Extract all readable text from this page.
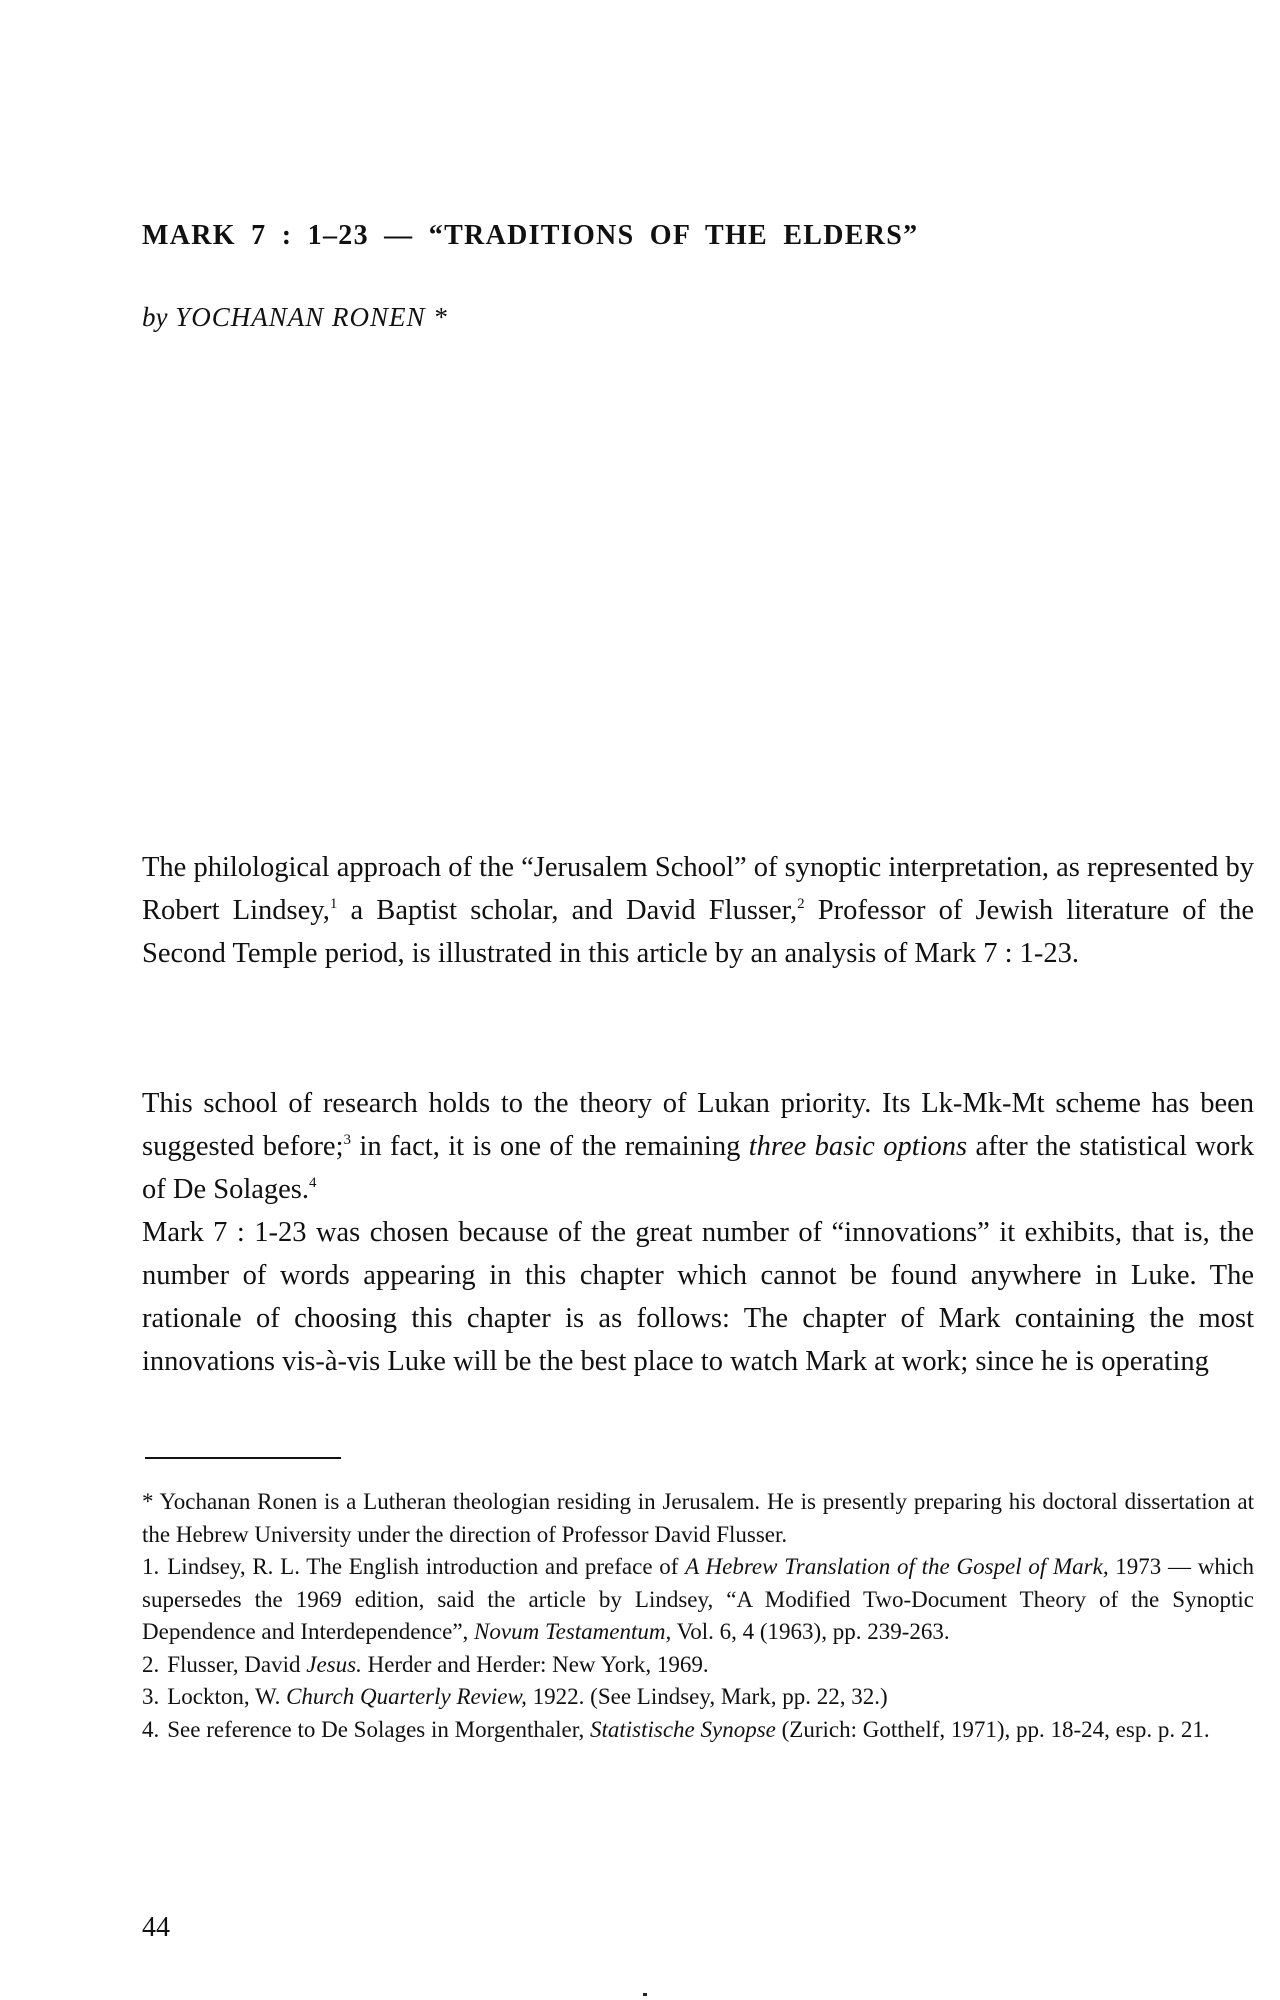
MARK 7 : 1–23 — “TRADITIONS OF THE ELDERS”

by YOCHANAN RONEN *

The philological approach of the “Jerusalem School” of synoptic interpretation, as represented by Robert Lindsey,$^1$ a Baptist scholar, and David Flusser,$^2$ Professor of Jewish literature of the Second Temple period, is illustrated in this article by an analysis of Mark 7 : 1-23.

This school of research holds to the theory of Lukan priority. Its Lk-Mk-Mt scheme has been suggested before;$^3$ in fact, it is one of the remaining three basic options after the statistical work of De Solages.$^4$

Mark 7 : 1-23 was chosen because of the great number of “innovations” it exhibits, that is, the number of words appearing in this chapter which cannot be found anywhere in Luke. The rationale of choosing this chapter is as follows: The chapter of Mark containing the most innovations vis-à-vis Luke will be the best place to watch Mark at work; since he is operating

* Yochanan Ronen is a Lutheran theologian residing in Jerusalem. He is presently preparing his doctoral dissertation at the Hebrew University under the direction of Professor David Flusser.

1. Lindsey, R. L. The English introduction and preface of A Hebrew Translation of the Gospel of Mark, 1973 — which supersedes the 1969 edition, said the article by Lindsey, “A Modified Two-Document Theory of the Synoptic Dependence and Interdependence”, Novum Testamentum, Vol. 6, 4 (1963), pp. 239-263.

2. Flusser, David Jesus. Herder and Herder: New York, 1969.

3. Lockton, W. Church Quarterly Review, 1922. (See Lindsey, Mark, pp. 22, 32.)

4. See reference to De Solages in Morgenthaler, Statistische Synopse (Zurich: Gotthelf, 1971), pp. 18-24, esp. p. 21.

44
